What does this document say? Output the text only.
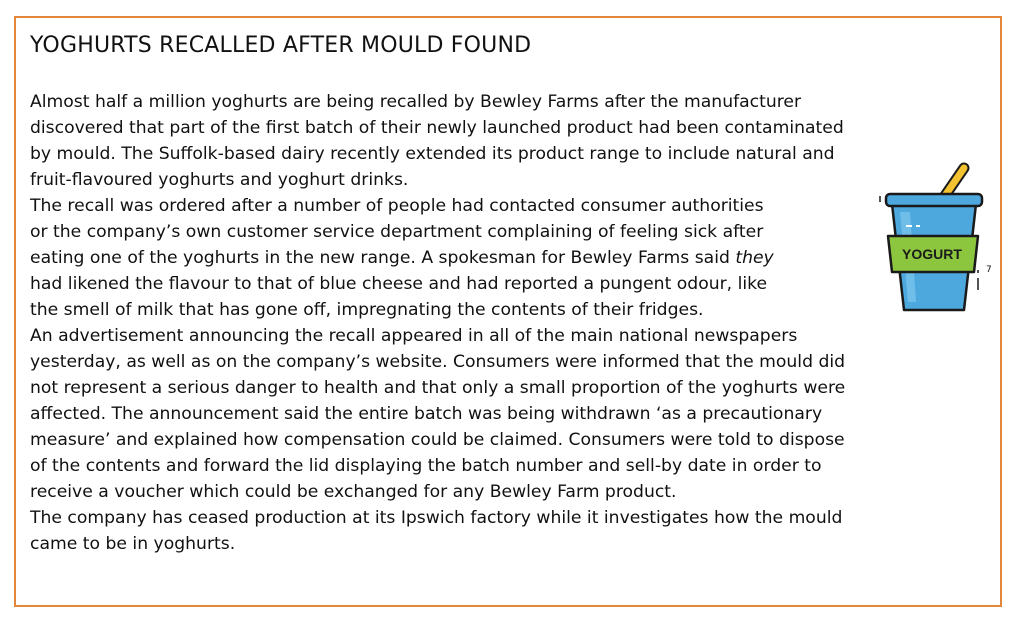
YOGHURTS RECALLED AFTER MOULD FOUND

Almost half a million yoghurts are being recalled by Bewley Farms after the manufacturer
discovered that part of the first batch of their newly launched product had been contaminated
by mould. The Suffolk-based dairy recently extended its product range to include natural and
fruit-flavoured yoghurts and yoghurt drinks.

The recall was ordered after a number of people had contacted consumer authorities
or the company’s own customer service department complaining of feeling sick after
eating one of the yoghurts in the new range. A spokesman for Bewley Farms said they
had likened the flavour to that of blue cheese and had reported a pungent odour, like
the smell of milk that has gone off, impregnating the contents of their fridges.

An advertisement announcing the recall appeared in all of the main national newspapers
yesterday, as well as on the company’s website. Consumers were informed that the mould did
not represent a serious danger to health and that only a small proportion of the yoghurts were
affected. The announcement said the entire batch was being withdrawn ‘as a precautionary
measure’ and explained how compensation could be claimed. Consumers were told to dispose
of the contents and forward the lid displaying the batch number and sell-by date in order to
receive a voucher which could be exchanged for any Bewley Farm product.

The company has ceased production at its Ipswich factory while it investigates how the mould
came to be in yoghurts.

YOGURT
7
